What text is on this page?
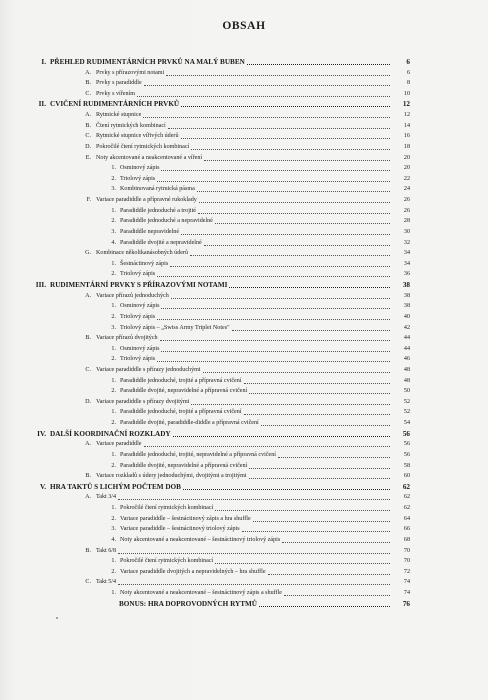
OBSAH
I. PŘEHLED RUDIMENTÁRNÍCH PRVKŮ NA MALÝ BUBEN	6
A. Prvky s přírazovými notami	6
B. Prvky s paradiddle	8
C. Prvky s vířením	10
II. CVIČENÍ RUDIMENTÁRNÍCH PRVKŮ	12
A. Rytmické stupnice	12
B. Čtení rytmických kombinací	14
C. Rytmické stupnice vířivých úderů	16
D. Pokročilé čtení rytmických kombinací	18
E. Noty akcentované a neakcentované a víření	20
1. Osminový zápis	20
2. Triolový zápis	22
3. Kombinovaná rytmická pásma	24
F. Variace paradiddle a přípravné rukoklady	26
1. Paradiddle jednoduché a trojité	26
2. Paradiddle jednoduché a nepravidelné	28
3. Paradiddle nepravidelné	30
4. Paradiddle dvojité a nepravidelné	32
G. Kombinace několikanásobných úderů	34
1. Šestnáctinový zápis	34
2. Triolový zápis	36
III. RUDIMENTÁRNÍ PRVKY S PŘÍRAZOVÝMI NOTAMI	38
A. Variace přírazů jednoduchých	38
1. Osminový zápis	38
2. Triolový zápis	40
3. Triolový zápis – „Swiss Army Triplet Notes"	42
B. Variace přírazů dvojitých	44
1. Osminový zápis	44
2. Triolový zápis	46
C. Variace paradiddle s přírazy jednoduchými	48
1. Paradiddle jednoduché, trojité a přípravná cvičení	48
2. Paradiddle dvojité, nepravidelné a přípravná cvičení	50
D. Variace paradiddle s přírazy dvojitými	52
1. Paradiddle jednoduché, trojité a přípravná cvičení	52
2. Paradiddle dvojité, paradiddle-diddle a přípravná cvičení	54
IV. DALŠÍ KOORDINAČNÍ ROZKLADY	56
A. Variace paradiddle	56
1. Paradiddle jednoduché, trojité, nepravidelné a přípravná cvičení	56
2. Paradiddle dvojité, nepravidelné a přípravná cvičení	58
B. Variace rozkladů s údery jednoduchými, dvojitými a trojitými	60
V. HRA TAKTŮ S LICHÝM POČTEM DOB	62
A. Takt 3/4	62
1. Pokročilé čtení rytmických kombinací	62
2. Variace paradiddle – šestnáctinový zápis a hra shuffle	64
3. Variace paradiddle – šestnáctinový triolový zápis	66
4. Noty akcentované a neakcentované – šestnáctinový triolový zápis	68
B. Takt 6/8	70
1. Pokročilé čtení rytmických kombinací	70
2. Variace paradiddle dvojitých a nepravidelných – hra shuffle	72
C. Takt 5/4	74
1. Noty akcentované a neakcentované – šestnáctinový zápis a shuffle	74
BONUS: HRA DOPROVODNÝCH RYTMŮ	76
